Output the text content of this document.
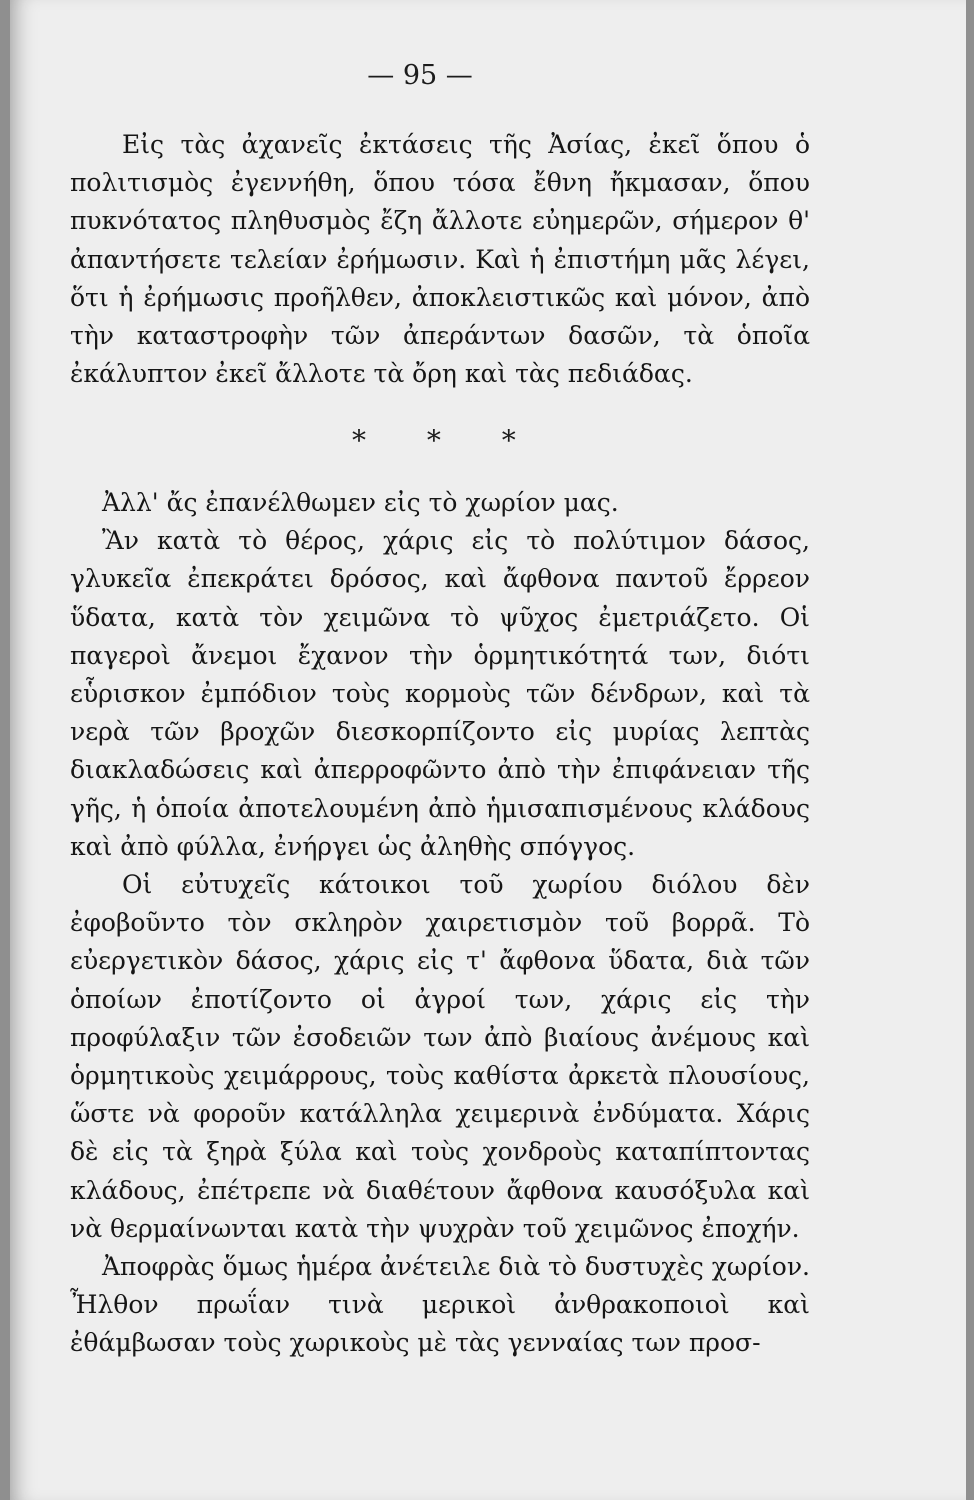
— 95 —

Εἰς τὰς ἀχανεῖς ἐκτάσεις τῆς Ἀσίας, ἐκεῖ ὅπου ὁ πολιτισμὸς ἐγεννήθη, ὅπου τόσα ἔθνη ἤκμασαν, ὅπου πυκνότατος πληθυσμὸς ἔζη ἄλλοτε εὐημερῶν, σήμερον θ' ἀπαντήσετε τελείαν ἐρήμωσιν. Καὶ ἡ ἐπιστήμη μᾶς λέγει, ὅτι ἡ ἐρήμωσις προῆλθεν, ἀποκλειστικῶς καὶ μόνον, ἀπὸ τὴν καταστροφὴν τῶν ἀπεράντων δασῶν, τὰ ὁποῖα ἐκάλυπτον ἐκεῖ ἄλλοτε τὰ ὄρη καὶ τὰς πεδιάδας.

* * *

Ἀλλ' ἄς ἐπανέλθωμεν εἰς τὸ χωρίον μας.

Ἂν κατὰ τὸ θέρος, χάρις εἰς τὸ πολύτιμον δάσος, γλυκεῖα ἐπεκράτει δρόσος, καὶ ἄφθονα παντοῦ ἔρρεον ὕδατα, κατὰ τὸν χειμῶνα τὸ ψῦχος ἐμετριάζετο. Οἱ παγεροὶ ἄνεμοι ἔχανον τὴν ὁρμητικότητά των, διότι εὗρισκον ἐμπόδιον τοὺς κορμοὺς τῶν δένδρων, καὶ τὰ νερὰ τῶν βροχῶν διεσκορπίζοντο εἰς μυρίας λεπτὰς διακλαδώσεις καὶ ἀπερροφῶντο ἀπὸ τὴν ἐπιφάνειαν τῆς γῆς, ἡ ὁποία ἀποτελουμένη ἀπὸ ἡμισαπισμένους κλάδους καὶ ἀπὸ φύλλα, ἐνήργει ὡς ἀληθὴς σπόγγος.

Οἱ εὐτυχεῖς κάτοικοι τοῦ χωρίου διόλου δὲν ἐφοβοῦντο τὸν σκληρὸν χαιρετισμὸν τοῦ βορρᾶ. Τὸ εὐεργετικὸν δάσος, χάρις εἰς τ' ἄφθονα ὕδατα, διὰ τῶν ὁποίων ἐποτίζοντο οἱ ἀγροί των, χάρις εἰς τὴν προφύλαξιν τῶν ἐσοδειῶν των ἀπὸ βιαίους ἀνέμους καὶ ὁρμητικοὺς χειμάρρους, τοὺς καθίστα ἀρκετὰ πλουσίους, ὥστε νὰ φοροῦν κατάλληλα χειμερινὰ ἐνδύματα. Χάρις δὲ εἰς τὰ ξηρὰ ξύλα καὶ τοὺς χονδροὺς καταπίπτοντας κλάδους, ἐπέτρεπε νὰ διαθέτουν ἄφθονα καυσόξυλα καὶ νὰ θερμαίνωνται κατὰ τὴν ψυχρὰν τοῦ χειμῶνος ἐποχήν.

Ἀποφρὰς ὅμως ἡμέρα ἀνέτειλε διὰ τὸ δυστυχὲς χωρίον. Ἦλθον πρωΐαν τινὰ μερικοὶ ἀνθρακοποιοὶ καὶ ἐθάμβωσαν τοὺς χωρικοὺς μὲ τὰς γενναίας των προσ-
